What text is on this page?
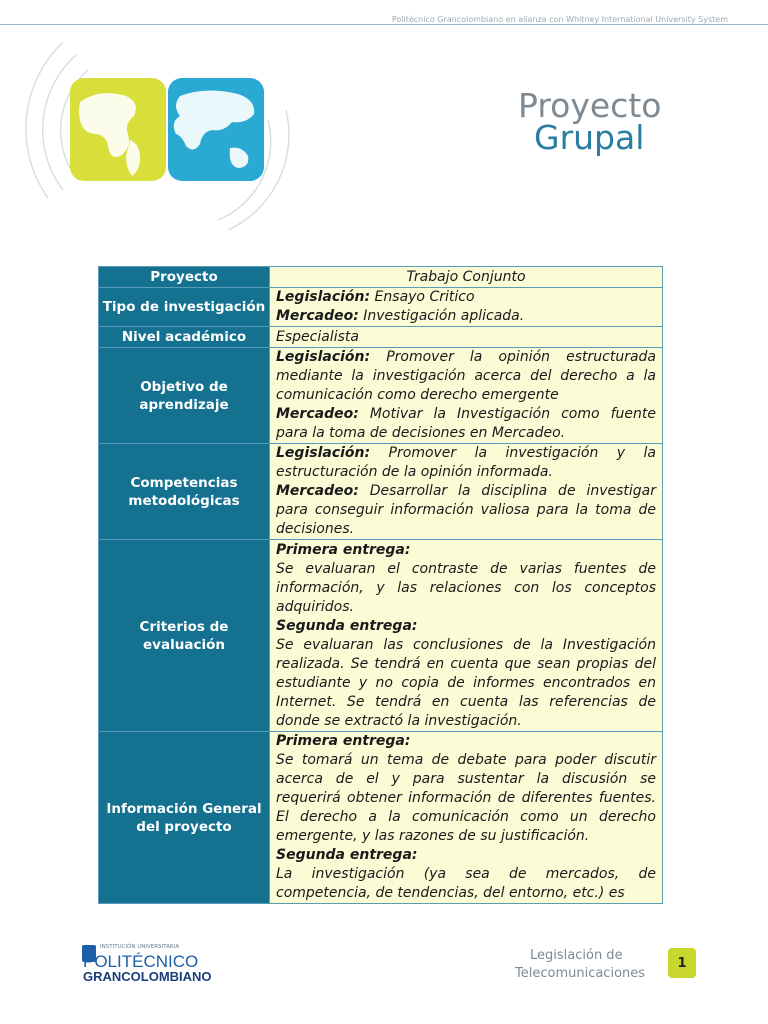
Politécnico Grancolombiano en alianza con Whitney International University System
Proyecto
Grupal
Proyecto	Trabajo Conjunto
Tipo de investigación	Legislación: Ensayo Critico

Mercadeo: Investigación aplicada.

Nivel académico	Especialista
Objetivo de aprendizaje	Legislación: Promover la opinión estructurada mediante la investigación acerca del derecho a la comunicación como derecho emergente

Mercadeo: Motivar la Investigación como fuente para la toma de decisiones en Mercadeo.

Competencias metodológicas	Legislación: Promover la investigación y la estructuración de la opinión informada.

Mercadeo: Desarrollar la disciplina de investigar para conseguir información valiosa para la toma de decisiones.

Criterios de evaluación	Primera entrega:

Se evaluaran el contraste de varias fuentes de información, y las relaciones con los conceptos adquiridos.

Segunda entrega:

Se evaluaran las conclusiones de la Investigación realizada. Se tendrá en cuenta que sean propias del estudiante y no copia de informes encontrados en Internet. Se tendrá en cuenta las referencias de donde se extractó la investigación.

Información General del proyecto	Primera entrega:

Se tomará un tema de debate para poder discutir acerca de el y para sustentar la discusión se requerirá obtener información de diferentes fuentes. El derecho a la comunicación como un derecho emergente, y las razones de su justificación.

Segunda entrega:

La investigación (ya sea de mercados, de competencia, de tendencias, del entorno, etc.) es

INSTITUCIÓN UNIVERSITARIA
POLITÉCNICO
GRANCOLOMBIANO
Legislación de
Telecomunicaciones
1
